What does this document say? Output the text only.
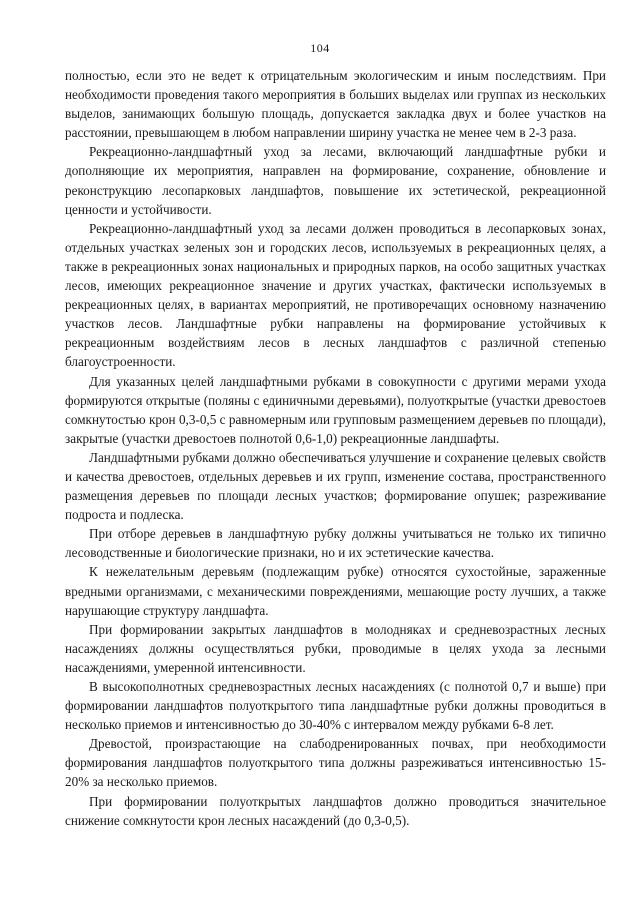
104

полностью, если это не ведет к отрицательным экологическим и иным последствиям. При необходимости проведения такого мероприятия в больших выделах или группах из нескольких выделов, занимающих большую площадь, допускается закладка двух и более участков на расстоянии, превышающем в любом направлении ширину участка не менее чем в 2-3 раза.

Рекреационно-ландшафтный уход за лесами, включающий ландшафтные рубки и дополняющие их мероприятия, направлен на формирование, сохранение, обновление и реконструкцию лесопарковых ландшафтов, повышение их эстетической, рекреационной ценности и устойчивости.

Рекреационно-ландшафтный уход за лесами должен проводиться в лесопарковых зонах, отдельных участках зеленых зон и городских лесов, используемых в рекреационных целях, а также в рекреационных зонах национальных и природных парков, на особо защитных участках лесов, имеющих рекреационное значение и других участках, фактически используемых в рекреационных целях, в вариантах мероприятий, не противоречащих основному назначению участков лесов. Ландшафтные рубки направлены на формирование устойчивых к рекреационным воздействиям лесов в лесных ландшафтов с различной степенью благоустроенности.

Для указанных целей ландшафтными рубками в совокупности с другими мерами ухода формируются открытые (поляны с единичными деревьями), полуоткрытые (участки древостоев сомкнутостью крон 0,3-0,5 с равномерным или групповым размещением деревьев по площади), закрытые (участки древостоев полнотой 0,6-1,0) рекреационные ландшафты.

Ландшафтными рубками должно обеспечиваться улучшение и сохранение целевых свойств и качества древостоев, отдельных деревьев и их групп, изменение состава, пространственного размещения деревьев по площади лесных участков; формирование опушек; разреживание подроста и подлеска.

При отборе деревьев в ландшафтную рубку должны учитываться не только их типично лесоводственные и биологические признаки, но и их эстетические качества.

К нежелательным деревьям (подлежащим рубке) относятся сухостойные, зараженные вредными организмами, с механическими повреждениями, мешающие росту лучших, а также нарушающие структуру ландшафта.

При формировании закрытых ландшафтов в молодняках и средневозрастных лесных насаждениях должны осуществляться рубки, проводимые в целях ухода за лесными насаждениями, умеренной интенсивности.

В высокополнотных средневозрастных лесных насаждениях (с полнотой 0,7 и выше) при формировании ландшафтов полуоткрытого типа ландшафтные рубки должны проводиться в несколько приемов и интенсивностью до 30-40% с интервалом между рубками 6-8 лет.

Древостой, произрастающие на слабодренированных почвах, при необходимости формирования ландшафтов полуоткрытого типа должны разреживаться интенсивностью 15-20% за несколько приемов.

При формировании полуоткрытых ландшафтов должно проводиться значительное снижение сомкнутости крон лесных насаждений (до 0,3-0,5).
